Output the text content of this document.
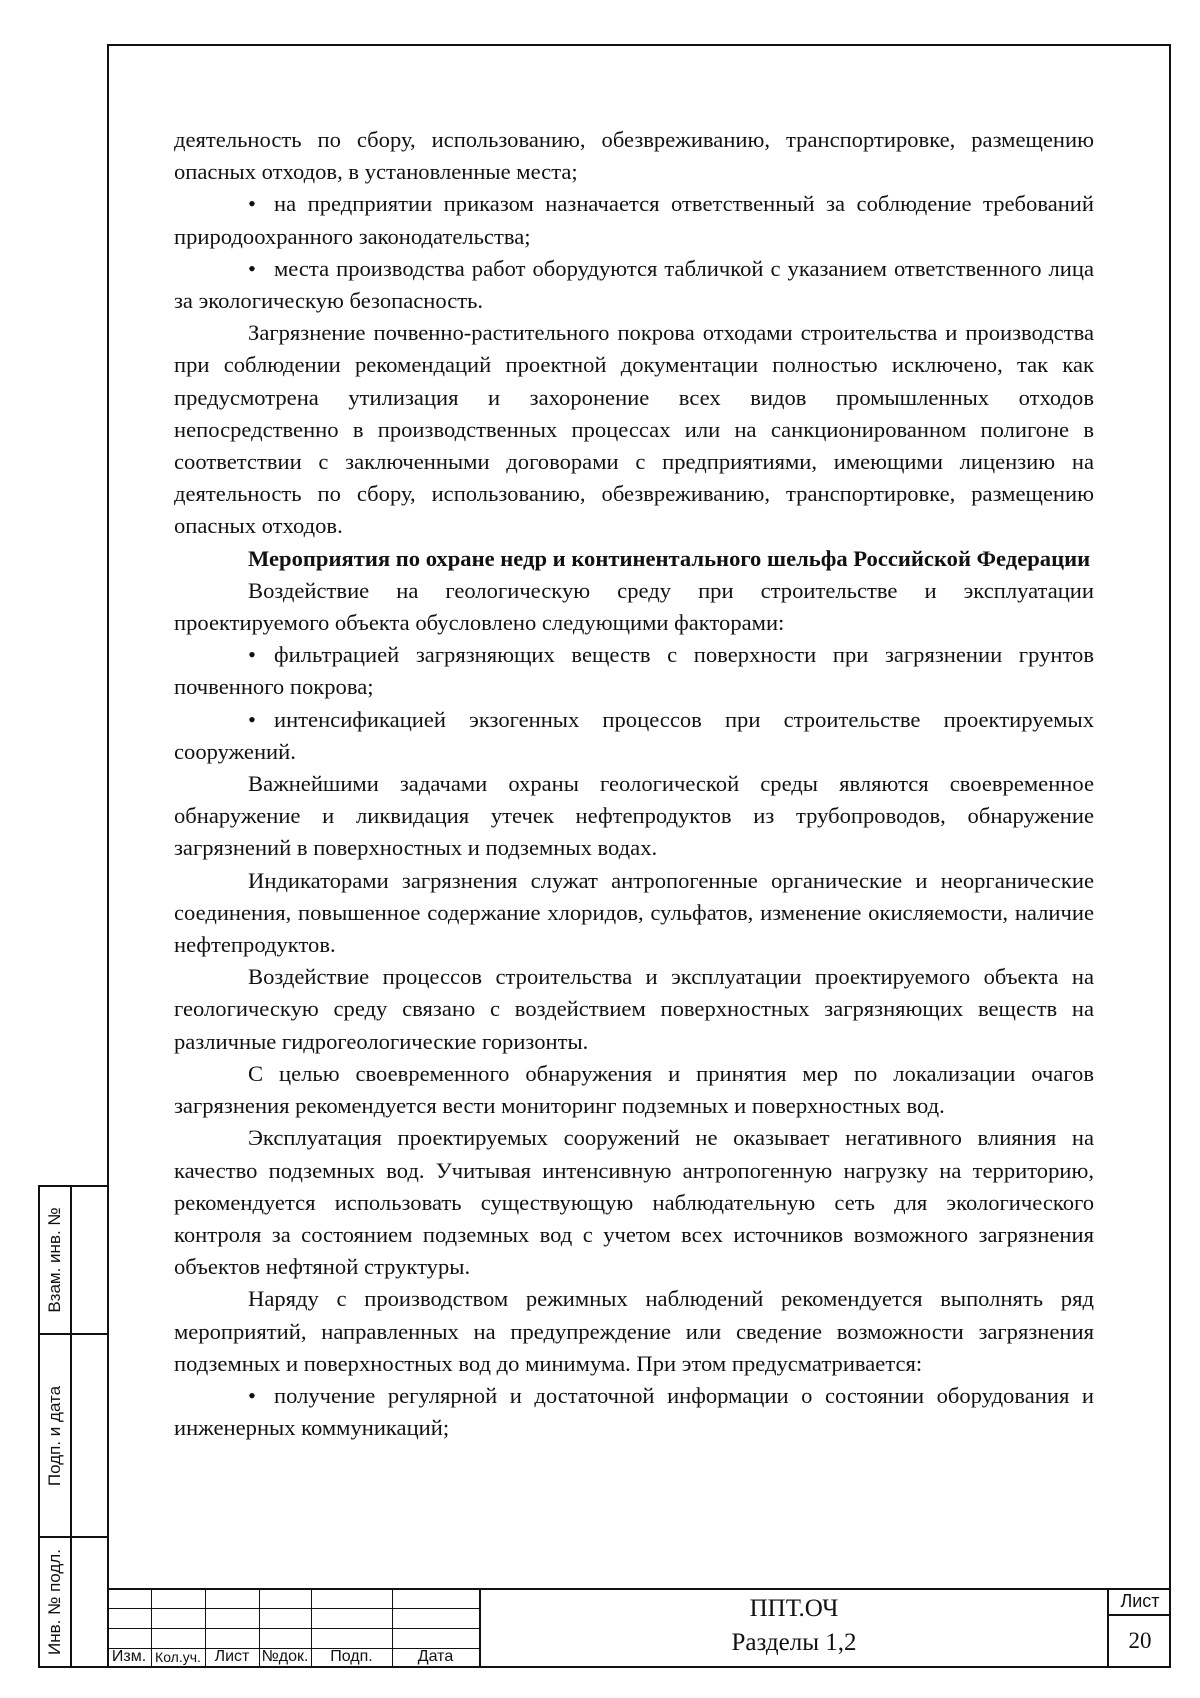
деятельность по сбору, использованию, обезвреживанию, транспортировке, размещению опасных отходов, в установленные места;

• на предприятии приказом назначается ответственный за соблюдение требований природоохранного законодательства;

• места производства работ оборудуются табличкой с указанием ответственного лица за экологическую безопасность.

Загрязнение почвенно-растительного покрова отходами строительства и производства при соблюдении рекомендаций проектной документации полностью исключено, так как предусмотрена утилизация и захоронение всех видов промышленных отходов непосредственно в производственных процессах или на санкционированном полигоне в соответствии с заключенными договорами с предприятиями, имеющими лицензию на деятельность по сбору, использованию, обезвреживанию, транспортировке, размещению опасных отходов.

Мероприятия по охране недр и континентального шельфа Российской Федерации

Воздействие на геологическую среду при строительстве и эксплуатации проектируемого объекта обусловлено следующими факторами:

• фильтрацией загрязняющих веществ с поверхности при загрязнении грунтов почвенного покрова;

• интенсификацией экзогенных процессов при строительстве проектируемых сооружений.

Важнейшими задачами охраны геологической среды являются своевременное обнаружение и ликвидация утечек нефтепродуктов из трубопроводов, обнаружение загрязнений в поверхностных и подземных водах.

Индикаторами загрязнения служат антропогенные органические и неорганические соединения, повышенное содержание хлоридов, сульфатов, изменение окисляемости, наличие нефтепродуктов.

Воздействие процессов строительства и эксплуатации проектируемого объекта на геологическую среду связано с воздействием поверхностных загрязняющих веществ на различные гидрогеологические горизонты.

С целью своевременного обнаружения и принятия мер по локализации очагов загрязнения рекомендуется вести мониторинг подземных и поверхностных вод.

Эксплуатация проектируемых сооружений не оказывает негативного влияния на качество подземных вод. Учитывая интенсивную антропогенную нагрузку на территорию, рекомендуется использовать существующую наблюдательную сеть для экологического контроля за состоянием подземных вод с учетом всех источников возможного загрязнения объектов нефтяной структуры.

Наряду с производством режимных наблюдений рекомендуется выполнять ряд мероприятий, направленных на предупреждение или сведение возможности загрязнения подземных и поверхностных вод до минимума. При этом предусматривается:

• получение регулярной и достаточной информации о состоянии оборудования и инженерных коммуникаций;

Взам. инв. №
Подп. и дата
Инв. № подл.
Изм. Кол.уч. Лист №док.	Подп.	Дата
ППТ.ОЧ
Разделы 1,2
Лист
20
